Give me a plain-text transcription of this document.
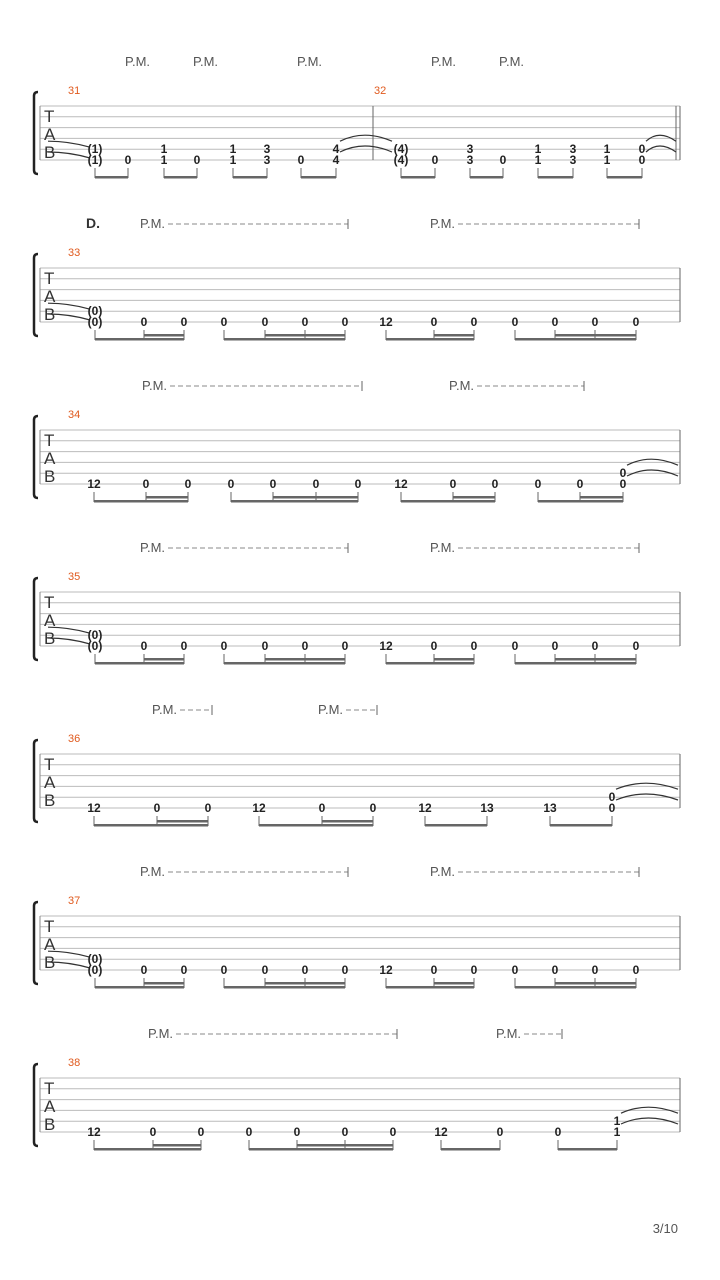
T
A
B
31	32
P.M.	P.M.	P.M.	P.M.	P.M.
(1)
(1) 0
1
1 0
1
1
3
3 0
4
4
(4)
(4) 0
3
3 0
1
1
3
3
1
1
0
0
T
A
B
33
D.	P.M.	P.M.
(0)
(0)	0	0	0	0	0	0	12	0	0	0	0	0	0
T
A
B
34
P.M.	P.M.
12	0	0	0	0	0	0	12	0	0	0	0
0
0
T
A
B
35
P.M.	P.M.
(0)
(0)	0	0	0	0	0	0	12	0	0	0	0	0	0
T
A
B
36
P.M.	P.M.
12	0	0	12	0	0	12	13	13
0
0
T
A
B
37
P.M.	P.M.
(0)
(0)	0	0	0	0	0	0	12	0	0	0	0	0	0
T
A
B
38
P.M.	P.M.
12	0	0	0	0	0	0	12	0	0
1
1
3/10
